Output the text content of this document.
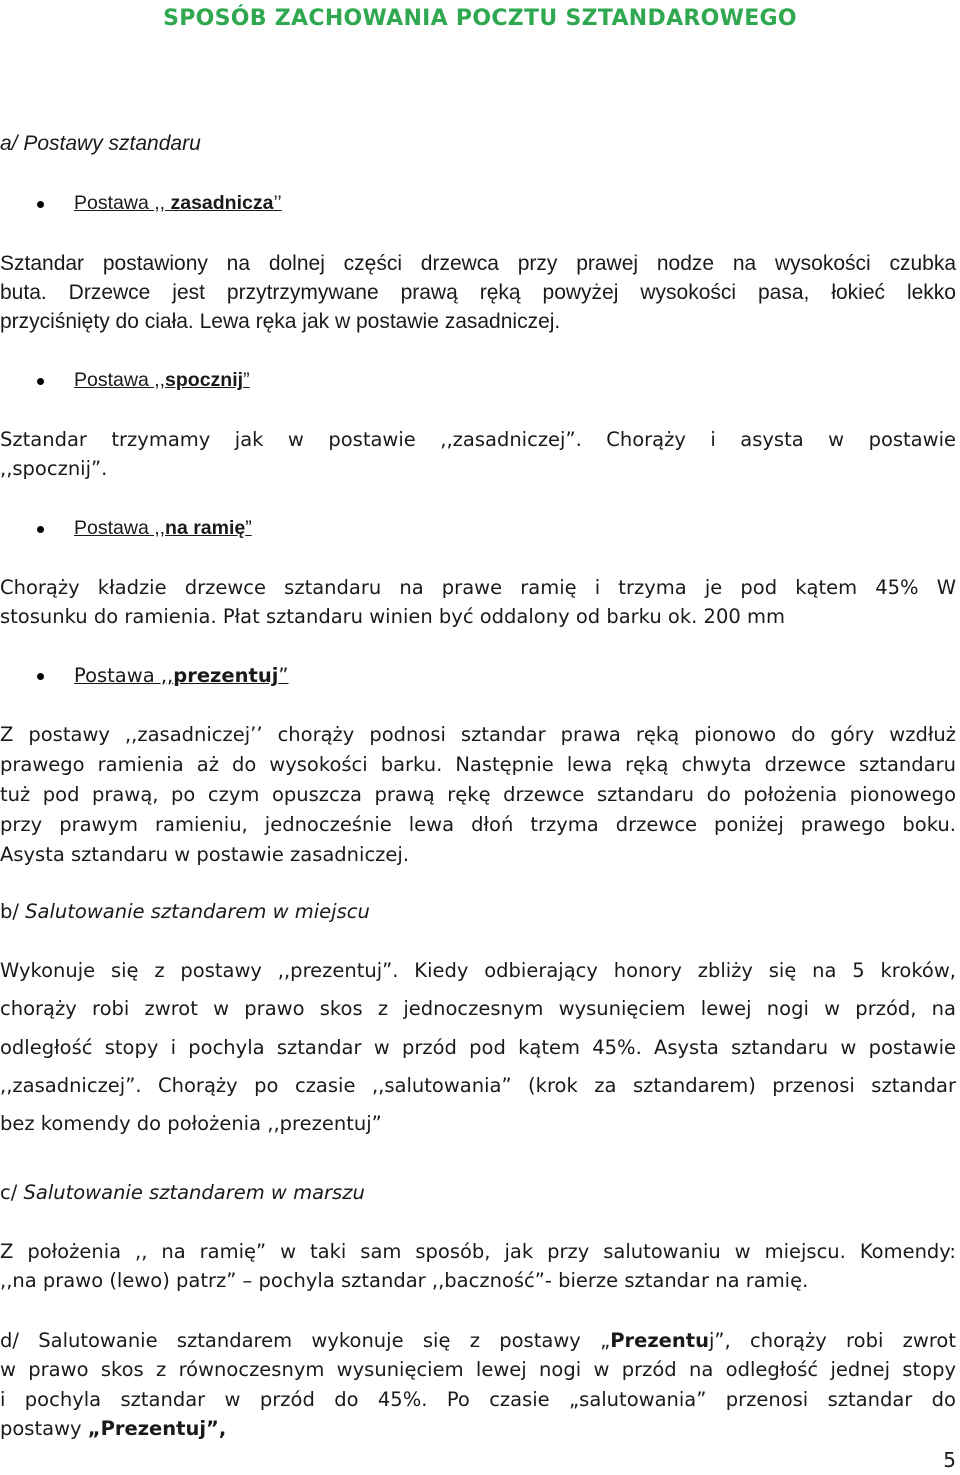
SPOSÓB ZACHOWANIA POCZTU SZTANDAROWEGO

a/ Postawy sztandaru

Postawa ,, zasadnicza’’

Sztandar postawiony na dolnej części drzewca przy prawej nodze na wysokości czubka

buta. Drzewce jest przytrzymywane prawą ręką powyżej wysokości pasa, łokieć lekko

przyciśnięty do ciała. Lewa ręka jak w postawie zasadniczej.

Postawa ,,spocznij”

Sztandar trzymamy jak w postawie ,,zasadniczej”. Chorąży i asysta w postawie

,,spocznij”.

Postawa ,,na ramię”

Chorąży kładzie drzewce sztandaru na prawe ramię i trzyma je pod kątem 45% W

stosunku do ramienia. Płat sztandaru winien być oddalony od barku ok. 200 mm

Postawa ,,prezentuj”

Z postawy ,,zasadniczej’’ chorąży podnosi sztandar prawa ręką pionowo do góry wzdłuż

prawego ramienia aż do wysokości barku. Następnie lewa ręką chwyta drzewce sztandaru

tuż pod prawą, po czym opuszcza prawą rękę drzewce sztandaru do położenia pionowego

przy prawym ramieniu, jednocześnie lewa dłoń trzyma drzewce poniżej prawego boku.

Asysta sztandaru w postawie zasadniczej.

b/ Salutowanie sztandarem w miejscu

Wykonuje się z postawy ,,prezentuj”. Kiedy odbierający honory zbliży się na 5 kroków,

chorąży robi zwrot w prawo skos z jednoczesnym wysunięciem lewej nogi w przód, na

odległość stopy i pochyla sztandar w przód pod kątem 45%. Asysta sztandaru w postawie

,,zasadniczej”. Chorąży po czasie ,,salutowania” (krok za sztandarem) przenosi sztandar

bez komendy do położenia ,,prezentuj”

c/ Salutowanie sztandarem w marszu

Z położenia ,, na ramię” w taki sam sposób, jak przy salutowaniu w miejscu. Komendy:

,,na prawo (lewo) patrz” – pochyla sztandar ,,baczność”- bierze sztandar na ramię.

d/ Salutowanie sztandarem wykonuje się z postawy „Prezentuj”, chorąży robi zwrot

w prawo skos z równoczesnym wysunięciem lewej nogi w przód na odległość jednej stopy

i pochyla sztandar w przód do 45%. Po czasie „salutowania” przenosi sztandar do

postawy „Prezentuj”,

5
